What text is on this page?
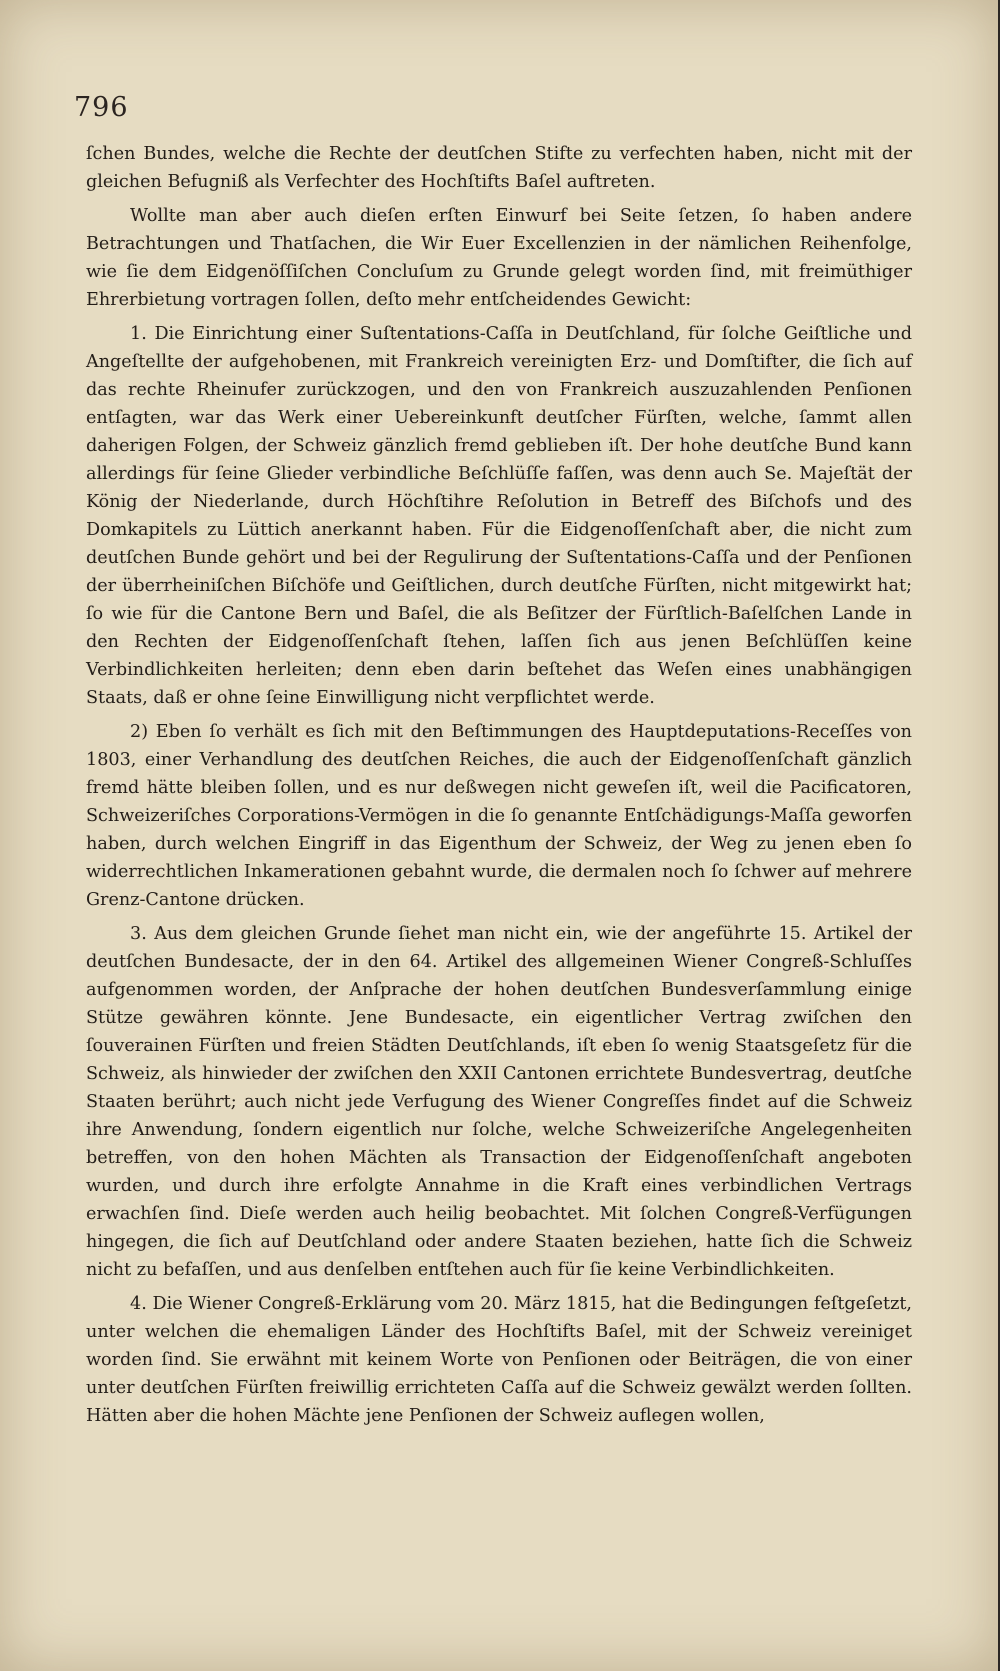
796

ſchen Bundes, welche die Rechte der deutſchen Stifte zu verfechten haben, nicht mit der gleichen Befugniß als Verfechter des Hochſtifts Baſel auftreten.

Wollte man aber auch dieſen erſten Einwurf bei Seite ſetzen, ſo haben andere Betrachtungen und Thatſachen, die Wir Euer Excellenzien in der nämlichen Reihenfolge, wie ſie dem Eidgenöſſiſchen Concluſum zu Grunde gelegt worden ſind, mit freimüthiger Ehrerbietung vortragen ſollen, deſto mehr entſcheidendes Gewicht:

1. Die Einrichtung einer Suſtentations-Caſſa in Deutſchland, für ſolche Geiſtliche und Angeſtellte der aufgehobenen, mit Frankreich vereinigten Erz- und Domſtifter, die ſich auf das rechte Rheinufer zurückzogen, und den von Frankreich auszuzahlenden Penſionen entſagten, war das Werk einer Uebereinkunft deutſcher Fürſten, welche, ſammt allen daherigen Folgen, der Schweiz gänzlich fremd geblieben iſt. Der hohe deutſche Bund kann allerdings für ſeine Glieder verbindliche Beſchlüſſe faſſen, was denn auch Se. Majeſtät der König der Niederlande, durch Höchſtihre Reſolution in Betreff des Biſchofs und des Domkapitels zu Lüttich anerkannt haben. Für die Eidgenoſſenſchaft aber, die nicht zum deutſchen Bunde gehört und bei der Regulirung der Suſtentations-Caſſa und der Penſionen der überrheiniſchen Biſchöfe und Geiſtlichen, durch deutſche Fürſten, nicht mitgewirkt hat; ſo wie für die Cantone Bern und Baſel, die als Beſitzer der Fürſtlich-Baſelſchen Lande in den Rechten der Eidgenoſſenſchaft ſtehen, laſſen ſich aus jenen Beſchlüſſen keine Verbindlichkeiten herleiten; denn eben darin beſtehet das Weſen eines unabhängigen Staats, daß er ohne ſeine Einwilligung nicht verpflichtet werde.

2) Eben ſo verhält es ſich mit den Beſtimmungen des Hauptdeputations-Receſſes von 1803, einer Verhandlung des deutſchen Reiches, die auch der Eidgenoſſenſchaft gänzlich fremd hätte bleiben ſollen, und es nur deßwegen nicht geweſen iſt, weil die Pacificatoren, Schweizeriſches Corporations-Vermögen in die ſo genannte Entſchädigungs-Maſſa geworfen haben, durch welchen Eingriff in das Eigenthum der Schweiz, der Weg zu jenen eben ſo widerrechtlichen Inkamerationen gebahnt wurde, die dermalen noch ſo ſchwer auf mehrere Grenz-Cantone drücken.

3. Aus dem gleichen Grunde ſiehet man nicht ein, wie der angeführte 15. Artikel der deutſchen Bundesacte, der in den 64. Artikel des allgemeinen Wiener Congreß-Schluſſes aufgenommen worden, der Anſprache der hohen deutſchen Bundesverſammlung einige Stütze gewähren könnte. Jene Bundesacte, ein eigentlicher Vertrag zwiſchen den ſouverainen Fürſten und freien Städten Deutſchlands, iſt eben ſo wenig Staatsgeſetz für die Schweiz, als hinwieder der zwiſchen den XXII Cantonen errichtete Bundesvertrag, deutſche Staaten berührt; auch nicht jede Verfugung des Wiener Congreſſes findet auf die Schweiz ihre Anwendung, ſondern eigentlich nur ſolche, welche Schweizeriſche Angelegenheiten betreffen, von den hohen Mächten als Transaction der Eidgenoſſenſchaft angeboten wurden, und durch ihre erfolgte Annahme in die Kraft eines verbindlichen Vertrags erwachſen ſind. Dieſe werden auch heilig beobachtet. Mit ſolchen Congreß-Verfügungen hingegen, die ſich auf Deutſchland oder andere Staaten beziehen, hatte ſich die Schweiz nicht zu befaſſen, und aus denſelben entſtehen auch für ſie keine Verbindlichkeiten.

4. Die Wiener Congreß-Erklärung vom 20. März 1815, hat die Bedingungen feſtgeſetzt, unter welchen die ehemaligen Länder des Hochſtifts Baſel, mit der Schweiz vereiniget worden ſind. Sie erwähnt mit keinem Worte von Penſionen oder Beiträgen, die von einer unter deutſchen Fürſten freiwillig errichteten Caſſa auf die Schweiz gewälzt werden ſollten. Hätten aber die hohen Mächte jene Penſionen der Schweiz auflegen wollen,
